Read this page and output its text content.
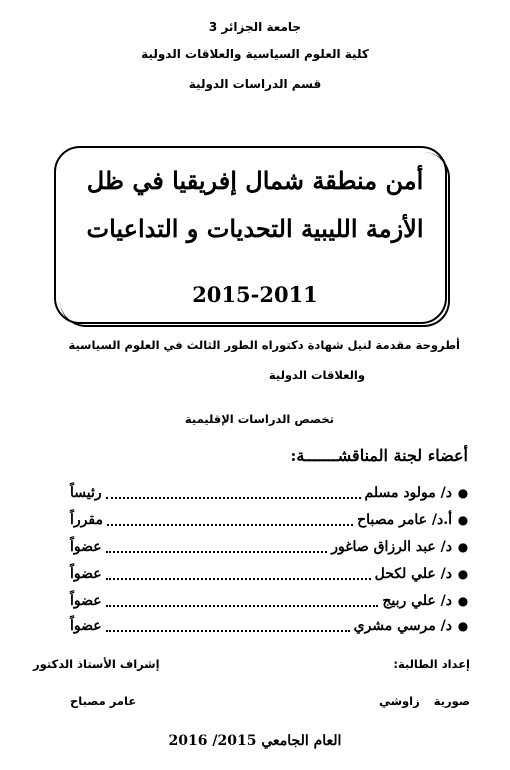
جامعة الجزائر 3
كلية العلوم السياسية والعلاقات الدولية
قسم الدراسات الدولية
أمن منطقة شمال إفريقيا في ظل
الأزمة الليبية التحديات و التداعيات
2015-2011
أطروحة مقدمة لنيل شهادة دكتوراه الطور الثالث في العلوم السياسية
والعلاقات الدولية
تخصص الدراسات الإقليمية
أعضاء لجنة المناقشـــــــة:
●
د/ مولود مسلم
رئيساً
●
أ.د/ عامر مصباح
مقرراً
●
د/ عبد الرزاق صاغور
عضواً
●
د/ علي لكحل
عضواً
●
د/ علي ربيج
عضواً
●
د/ مرسي مشري
عضواً
إعداد الطالبة:
إشراف الأستاذ الدكتور
صورية زاوشي
عامر مصباح
العام الجامعي 2015/ 2016
